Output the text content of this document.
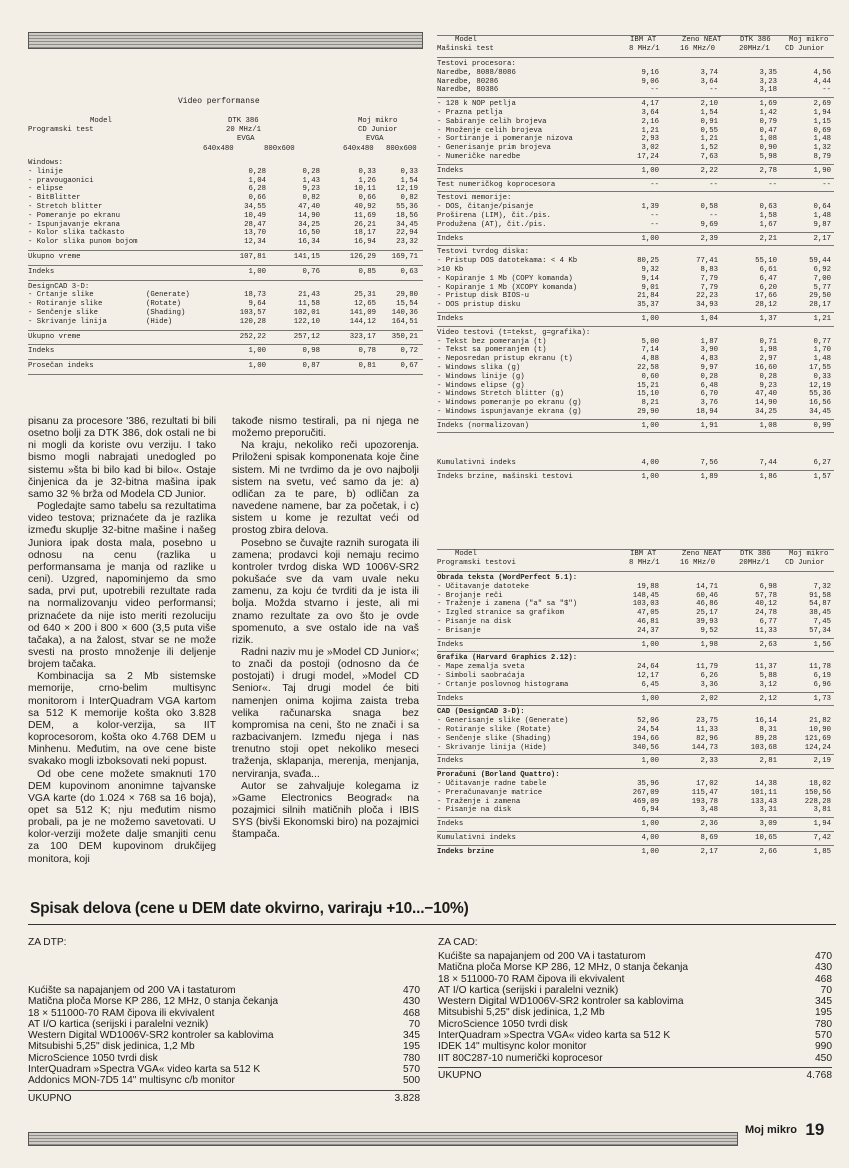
Video performanse
Model
Programski test
DTK 386
20 MHz/1
EVGA
640x480	800x600
Moj mikro
CD Junior
EVGA
640x480 800x600
Windows:
- linije	0,28	0,28	0,33	0,33
- pravougaonici	1,04	1,43	1,26	1,54
- elipse	6,28	9,23	10,11	12,19
- BitBlitter	0,66	0,82	0,66	0,82
- Stretch blitter	34,55	47,40	40,92	55,36
- Pomeranje po ekranu	10,49	14,90	11,69	18,56
- Ispunjavanje ekrana	28,47	34,25	26,21	34,45
- Kolor slika tačkasto	13,70	16,50	18,17	22,94
- Kolor slika punom bojom	12,34	16,34	16,94	23,32
Ukupno vreme	107,81	141,15	126,29 169,71
Indeks	1,00	0,76	0,85	0,63
DesignCAD 3-D:
- Crtanje slike	(Generate)	18,73	21,43	25,31	29,80
- Rotiranje slike	(Rotate)	9,64	11,58	12,65	15,54
- Senčenje slike	(Shading)	103,57	102,01	141,09 140,36
- Skrivanje linija	(Hide)	120,28	122,10	144,12 164,51
Ukupno vreme	252,22	257,12	323,17 350,21
Indeks	1,00	0,98	0,78	0,72
Prosečan indeks	1,00	0,87	0,81	0,67

pisanu za procesore '386, rezultati bi bili osetno bolji za DTK 386, dok ostali ne bi ni mogli da koriste ovu verziju. I tako bismo mogli nabrajati unedogled po sistemu »šta bi bilo kad bi bilo«. Ostaje činjenica da je 32-bitna mašina ipak samo 32 % brža od Modela CD Junior.

Pogledajte samo tabelu sa rezultatima video testova; priznaćete da je razlika između skuplje 32-bitne mašine i našeg Juniora ipak dosta mala, posebno u odnosu na cenu (razlika u performansama je manja od razlike u ceni). Uzgred, napominjemo da smo sada, prvi put, upotrebili rezultate rada na normalizovanju video performansi; priznaćete da nije isto meriti rezoluciju od 640 × 200 i 800 × 600 (3,5 puta više tačaka), a na žalost, stvar se ne može svesti na prosto množenje ili deljenje brojem tačaka.

Kombinacija sa 2 Mb sistemske memorije, crno-belim multisync monitorom i InterQuadram VGA kartom sa 512 K memorije košta oko 3.828 DEM, a kolor-verzija, sa IIT koprocesorom, košta oko 4.768 DEM u Minhenu. Međutim, na ove cene biste svakako mogli izboksovati neki popust.

Od obe cene možete smaknuti 170 DEM kupovinom anonimne tajvanske VGA karte (do 1.024 × 768 sa 16 boja), opet sa 512 K; nju međutim nismo probali, pa je ne možemo savetovati. U kolor-verziji možete dalje smanjiti cenu za 100 DEM kupovinom drukčijeg monitora, koji

takođe nismo testirali, pa ni njega ne možemo preporučiti.

Na kraju, nekoliko reči upozorenja. Priloženi spisak komponenata koje čine sistem. Mi ne tvrdimo da je ovo najbolji sistem na svetu, već samo da je: a) odličan za te pare, b) odličan za navedene namene, bar za početak, i c) sistem u kome je rezultat veći od prostog zbira delova.

Posebno se čuvajte raznih surogata ili zamena; prodavci koji nemaju recimo kontroler tvrdog diska WD 1006V-SR2 pokušaće sve da vam uvale neku zamenu, za koju će tvrditi da je ista ili bolja. Možda stvarno i jeste, ali mi znamo rezultate za ovo što je ovde spomenuto, a sve ostalo ide na vaš rizik.

Radni naziv mu je »Model CD Junior«; to znači da postoji (odnosno da će postojati) i drugi model, »Model CD Senior«. Taj drugi model će biti namenjen onima kojima zaista treba velika računarska snaga bez kompromisa na ceni, što ne znači i sa razbacivanjem. Između njega i nas trenutno stoji opet nekoliko meseci traženja, sklapanja, merenja, menjanja, nerviranja, svađa...

Autor se zahvaljuje kolegama iz »Game Electronics Beograd« na pozajmici silnih matičnih ploča i IBIS SYS (bivši Ekonomski biro) na pozajmici štampača.

Model	IBM AT	Zeno NEAT	DTK 386	Moj mikro
Mašinski test	8 MHz/1	16 MHz/0	20MHz/1 CD Junior
Testovi procesora:
Naredbe, 8088/8086	9,16	3,74	3,35	4,56
Naredbe, 80286	9,06	3,64	3,23	4,44
Naredbe, 80386	--	--	3,18	--
- 128 k NOP petlja	4,17	2,10	1,69	2,69
- Prazna petlja	3,64	1,54	1,42	1,94
- Sabiranje celih brojeva	2,16	0,91	0,79	1,15
- Množenje celih brojeva	1,21	0,55	0,47	0,69
- Sortiranje i pomeranje nizova	2,93	1,21	1,08	1,48
- Generisanje prim brojeva	3,02	1,52	0,90	1,32
- Numeričke naredbe	17,24	7,63	5,98	8,79
Indeks	1,00	2,22	2,78	1,90
Test numeričkog koprocesora	--	--	--	--
Testovi memorije:
- DOS, čitanje/pisanje	1,39	0,58	0,63	0,64
Proširena (LIM), čit./pis.	--	--	1,58	1,48
Produžena (AT), čit./pis.	--	9,69	1,67	9,87
Indeks	1,00	2,39	2,21	2,17
Testovi tvrdog diska:
- Pristup DOS datotekama: < 4 Kb	80,25	77,41	55,10	59,44
>10 Kb	9,32	8,83	6,61	6,92
- Kopiranje 1 Mb (COPY komanda)	9,14	7,79	6,47	7,00
- Kopiranje 1 Mb (XCOPY komanda)	9,01	7,79	6,20	5,77
- Pristup disk BIOS-u	21,84	22,23	17,66	29,50
- DOS pristup disku	35,37	34,93	28,12	28,17
Indeks	1,00	1,04	1,37	1,21
Video testovi (t=tekst, g=grafika):
- Tekst bez pomeranja (t)	5,00	1,87	0,71	0,77
- Tekst sa pomeranjem (t)	7,14	3,90	1,98	1,70
- Neposredan pristup ekranu (t)	4,88	4,83	2,97	1,48
- Windows slika (g)	22,58	9,97	16,60	17,55
- Windows linije (g)	0,60	0,28	0,28	0,33
- Windows elipse (g)	15,21	6,48	9,23	12,19
- Windows Stretch blitter (g)	15,10	6,70	47,40	55,36
- Windows pomeranje po ekranu (g)	8,21	3,76	14,90	16,56
- Windows ispunjavanje ekrana (g)	29,90	18,94	34,25	34,45
Indeks (normalizovan)	1,00	1,91	1,08	0,99
Kumulativni indeks	4,00	7,56	7,44	6,27
Indeks brzine, mašinski testovi	1,00	1,89	1,86	1,57
Model	IBM AT	Zeno NEAT	DTK 386	Moj mikro
Programski testovi	8 MHz/1	16 MHz/0	20MHz/1 CD Junior
Obrada teksta (WordPerfect 5.1):
- Učitavanje datoteke	19,88	14,71	6,98	7,32
- Brojanje reči	148,45	60,46	57,78	91,58
- Traženje i zamena ("a" sa "$")	103,03	46,86	40,12	54,87
- Izgled stranice sa grafikom	47,05	25,17	24,78	38,45
- Pisanje na disk	46,81	39,93	6,77	7,45
- Brisanje	24,37	9,52	11,33	57,34
Indeks	1,00	1,98	2,63	1,56
Grafika (Harvard Graphics 2.12):
- Mape zemalja sveta	24,64	11,79	11,37	11,78
- Simboli saobraćaja	12,17	6,26	5,88	6,19
- Crtanje poslovnog histograma	6,45	3,36	3,12	6,96
Indeks	1,00	2,02	2,12	1,73
CAD (DesignCAD 3-D):
- Generisanje slike (Generate)	52,06	23,75	16,14	21,82
- Rotiranje slike (Rotate)	24,54	11,33	8,31	10,90
- Senčenje slike (Shading)	194,66	82,96	89,28	121,69
- Skrivanje linija (Hide)	340,56	144,73	103,68	124,24
Indeks	1,00	2,33	2,81	2,19
Proračuni (Borland Quattro):
- Učitavanje radne tabele	35,96	17,02	14,38	18,02
- Preračunavanje matrice	267,09	115,47	101,11	150,56
- Traženje i zamena	469,09	193,78	133,43	228,28
- Pisanje na disk	6,94	3,48	3,31	3,81
Indeks	1,00	2,36	3,09	1,94
Kumulativni indeks	4,00	8,69	10,65	7,42
Indeks brzine	1,00	2,17	2,66	1,85
Spisak delova (cene u DEM date okvirno, variraju +10...−10%)
ZA DTP:
Kućište sa napajanjem od 200 VA i tastaturom	470
Matična ploča Morse KP 286, 12 MHz, 0 stanja čekanja	430
18 × 511000-70 RAM čipova ili ekvivalent	468
AT I/O kartica (serijski i paralelni veznik)	70
Western Digital WD1006V-SR2 kontroler sa kablovima	345
Mitsubishi 5,25" disk jedinica, 1,2 Mb	195
MicroScience 1050 tvrdi disk	780
InterQuadram »Spectra VGA« video karta sa 512 K	570
Addonics MON-7D5 14" multisync c/b monitor	500
UKUPNO	3.828
ZA CAD:
Kućište sa napajanjem od 200 VA i tastaturom	470
Matična ploča Morse KP 286, 12 MHz, 0 stanja čekanja	430
18 × 511000-70 RAM čipova ili ekvivalent	468
AT I/O kartica (serijski i paralelni veznik)	70
Western Digital WD1006V-SR2 kontroler sa kablovima	345
Mitsubishi 5,25" disk jedinica, 1,2 Mb	195
MicroScience 1050 tvrdi disk	780
InterQuadram »Spectra VGA« video karta sa 512 K	570
IDEK 14" multisync kolor monitor	990
IIT 80C287-10 numerički koprocesor	450
UKUPNO	4.768
Moj mikro 19
